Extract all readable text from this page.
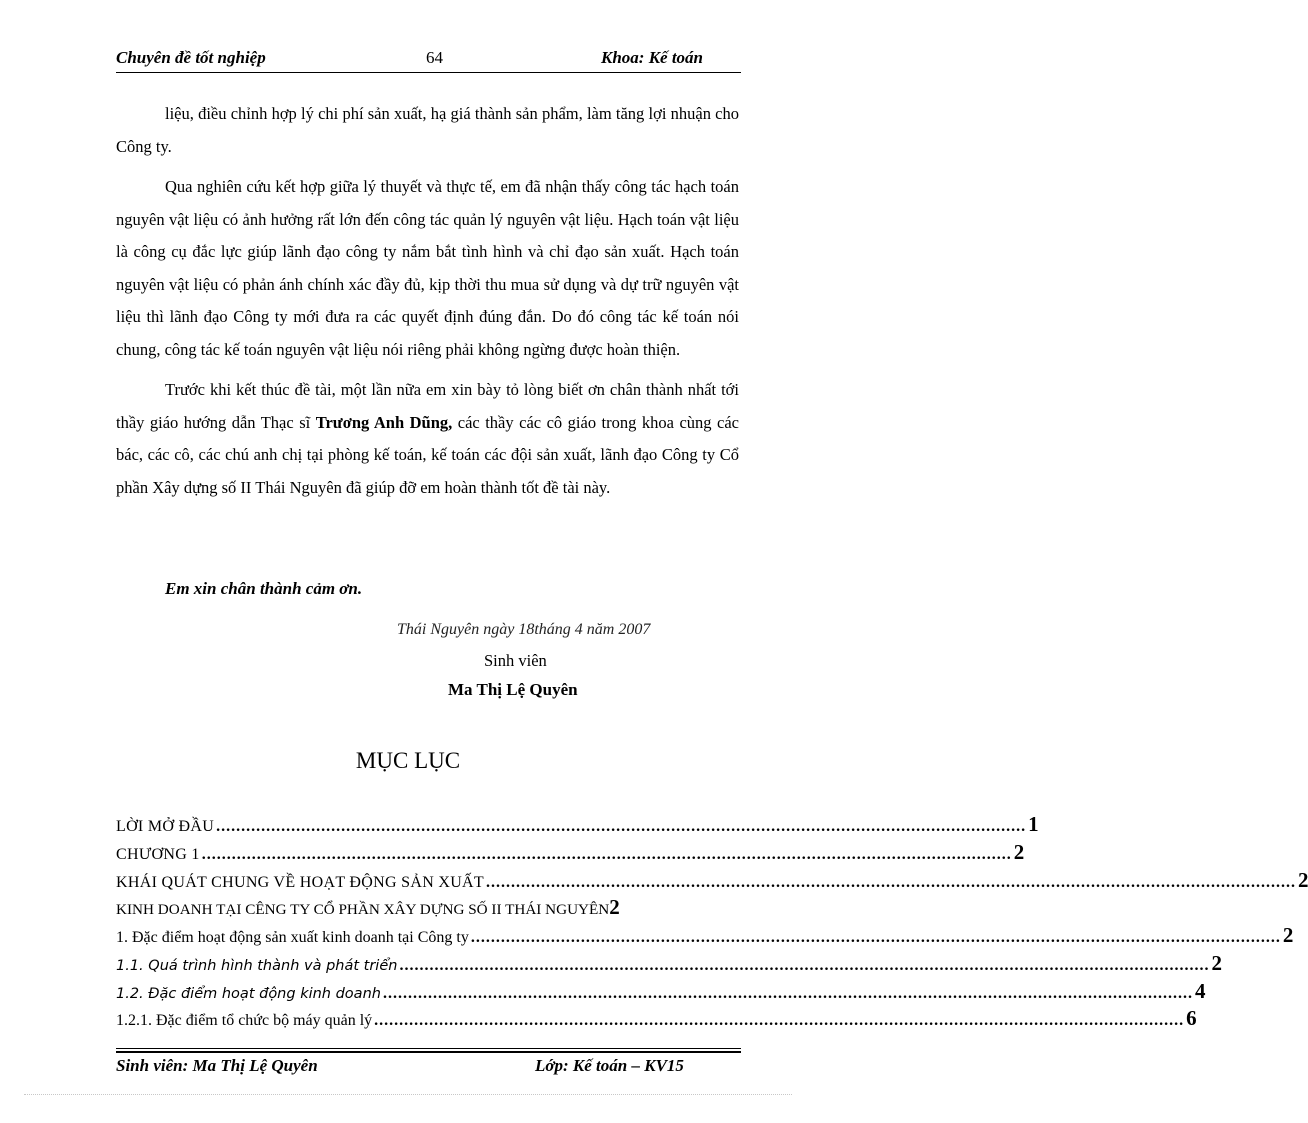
Chuyên đề tốt nghiệp	64	Khoa: Kế toán

liệu, điều chỉnh hợp lý chi phí sản xuất, hạ giá thành sản phẩm, làm tăng lợi nhuận cho Công ty.

Qua nghiên cứu kết hợp giữa lý thuyết và thực tế, em đã nhận thấy công tác hạch toán nguyên vật liệu có ảnh hưởng rất lớn đến công tác quản lý nguyên vật liệu. Hạch toán vật liệu là công cụ đắc lực giúp lãnh đạo công ty nắm bắt tình hình và chỉ đạo sản xuất. Hạch toán nguyên vật liệu có phản ánh chính xác đầy đủ, kịp thời thu mua sử dụng và dự trữ nguyên vật liệu thì lãnh đạo Công ty mới đưa ra các quyết định đúng đắn. Do đó công tác kế toán nói chung, công tác kế toán nguyên vật liệu nói riêng phải không ngừng được hoàn thiện.

Trước khi kết thúc đề tài, một lần nữa em xin bày tỏ lòng biết ơn chân thành nhất tới thầy giáo hướng dẫn Thạc sĩ Trương Anh Dũng, các thầy các cô giáo trong khoa cùng các bác, các cô, các chú anh chị tại phòng kế toán, kế toán các đội sản xuất, lãnh đạo Công ty Cổ phần Xây dựng số II Thái Nguyên đã giúp đỡ em hoàn thành tốt đề tài này.

Em xin chân thành cảm ơn.
Thái Nguyên ngày 18tháng 4 năm 2007
Sinh viên
Ma Thị Lệ Quyên
MỤC LỤC
LỜI MỞ ĐẦU .................................................................................................................................................................. 1
CHƯƠNG 1 .................................................................................................................................................................. 2
KHÁI QUÁT CHUNG VỀ HOẠT ĐỘNG SẢN XUẤT .................................................................................................................................................................. 2
KINH DOANH TẠI CÊNG TY CỔ PHẦN XÂY DỰNG SỐ II THÁI NGUYÊN 2
1. Đặc điểm hoạt động sản xuất kinh doanh tại Công ty .................................................................................................................................................................. 2
1.1. Quá trình hình thành và phát triển .................................................................................................................................................................. 2
1.2. Đặc điểm hoạt động kinh doanh .................................................................................................................................................................. 4
1.2.1. Đặc điểm tổ chức bộ máy quản lý .................................................................................................................................................................. 6
Sinh viên: Ma Thị Lệ Quyên	Lớp: Kế toán – KV15
